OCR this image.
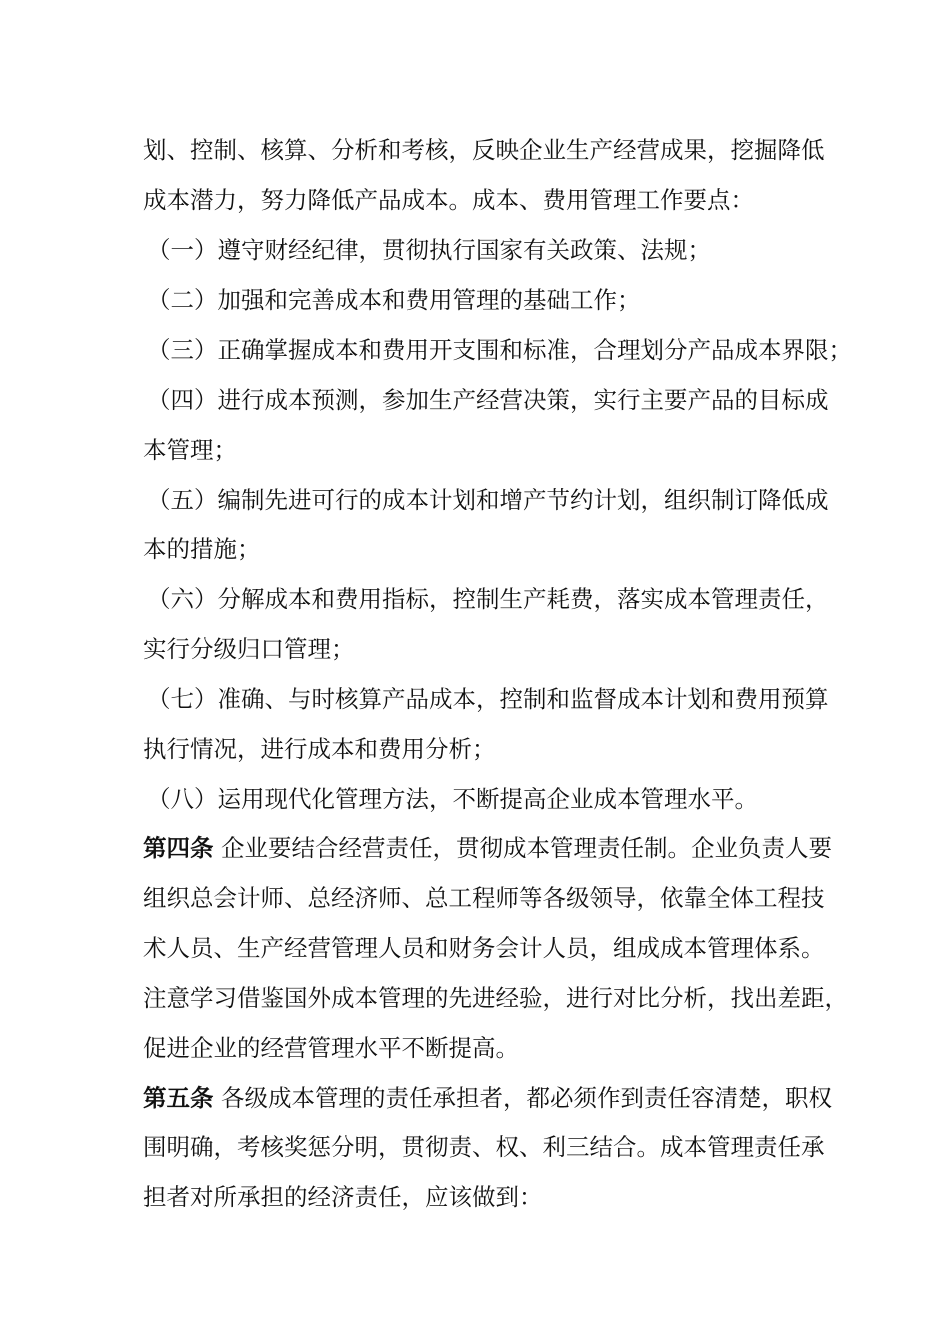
划、控制、核算、分析和考核，反映企业生产经营成果，挖掘降低
成本潜力，努力降低产品成本。成本、费用管理工作要点：
（一）遵守财经纪律，贯彻执行国家有关政策、法规；
（二）加强和完善成本和费用管理的基础工作；
（三）正确掌握成本和费用开支围和标准，合理划分产品成本界限；
（四）进行成本预测，参加生产经营决策，实行主要产品的目标成
本管理；
（五）编制先进可行的成本计划和增产节约计划，组织制订降低成
本的措施；
（六）分解成本和费用指标，控制生产耗费，落实成本管理责任，
实行分级归口管理；
（七）准确、与时核算产品成本，控制和监督成本计划和费用预算
执行情况，进行成本和费用分析；
（八）运用现代化管理方法，不断提高企业成本管理水平。
第四条 企业要结合经营责任，贯彻成本管理责任制。企业负责人要
组织总会计师、总经济师、总工程师等各级领导，依靠全体工程技
术人员、生产经营管理人员和财务会计人员，组成成本管理体系。
注意学习借鉴国外成本管理的先进经验，进行对比分析，找出差距，
促进企业的经营管理水平不断提高。
第五条 各级成本管理的责任承担者，都必须作到责任容清楚，职权
围明确，考核奖惩分明，贯彻责、权、利三结合。成本管理责任承
担者对所承担的经济责任，应该做到：
